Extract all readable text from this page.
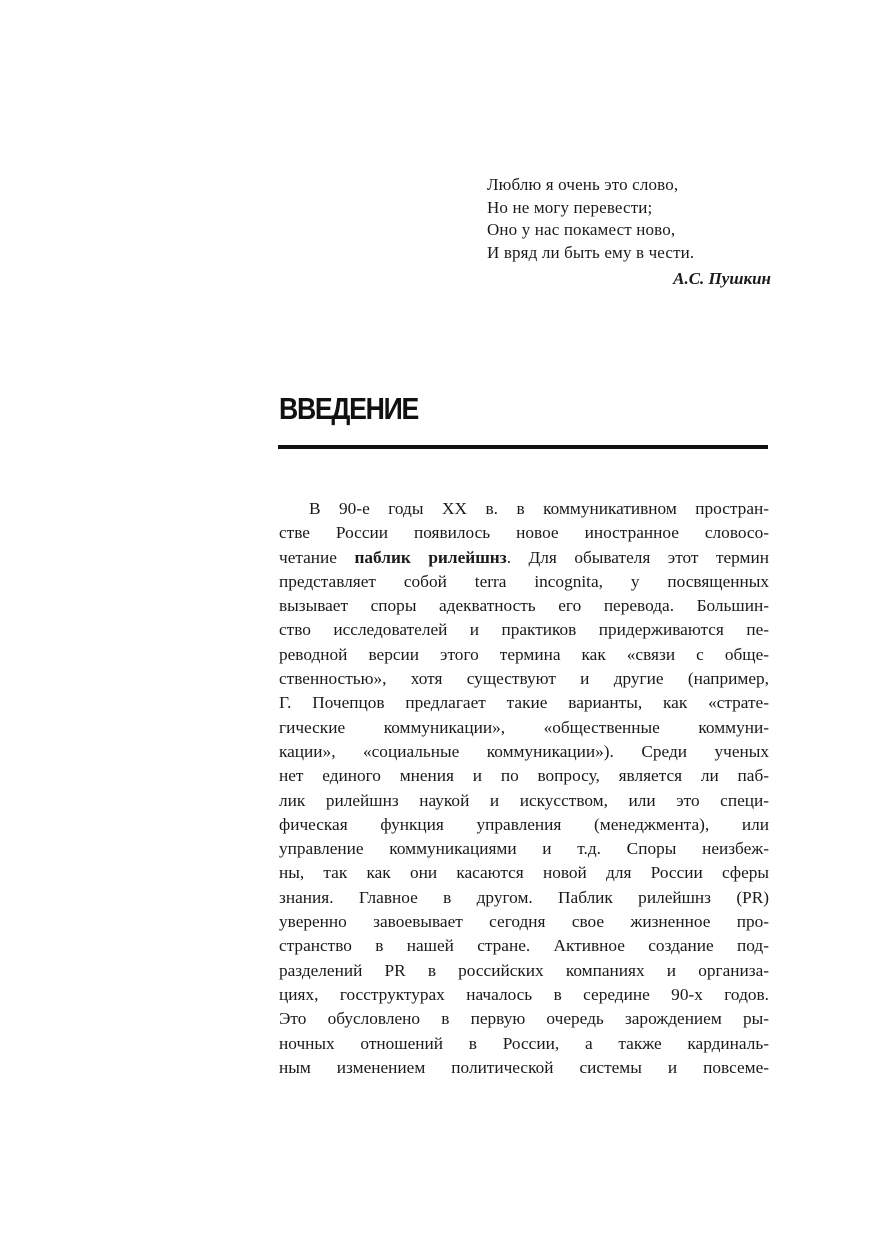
Люблю я очень это слово,
Но не могу перевести;
Оно у нас покамест ново,
И вряд ли быть ему в чести.
А.С. Пушкин
ВВЕДЕНИЕ
В 90-е годы XX в. в коммуникативном простран-
стве России появилось новое иностранное словосо-
четание паблик рилейшнз. Для обывателя этот термин
представляет собой terra incognita, у посвященных
вызывает споры адекватность его перевода. Большин-
ство исследователей и практиков придерживаются пе-
реводной версии этого термина как «связи с обще-
ственностью», хотя существуют и другие (например,
Г. Почепцов предлагает такие варианты, как «страте-
гические коммуникации», «общественные коммуни-
кации», «социальные коммуникации»). Среди ученых
нет единого мнения и по вопросу, является ли паб-
лик рилейшнз наукой и искусством, или это специ-
фическая функция управления (менеджмента), или
управление коммуникациями и т.д. Споры неизбеж-
ны, так как они касаются новой для России сферы
знания. Главное в другом. Паблик рилейшнз (PR)
уверенно завоевывает сегодня свое жизненное про-
странство в нашей стране. Активное создание под-
разделений PR в российских компаниях и организа-
циях, госструктурах началось в середине 90-х годов.
Это обусловлено в первую очередь зарождением ры-
ночных отношений в России, а также кардиналь-
ным изменением политической системы и повсеме-
